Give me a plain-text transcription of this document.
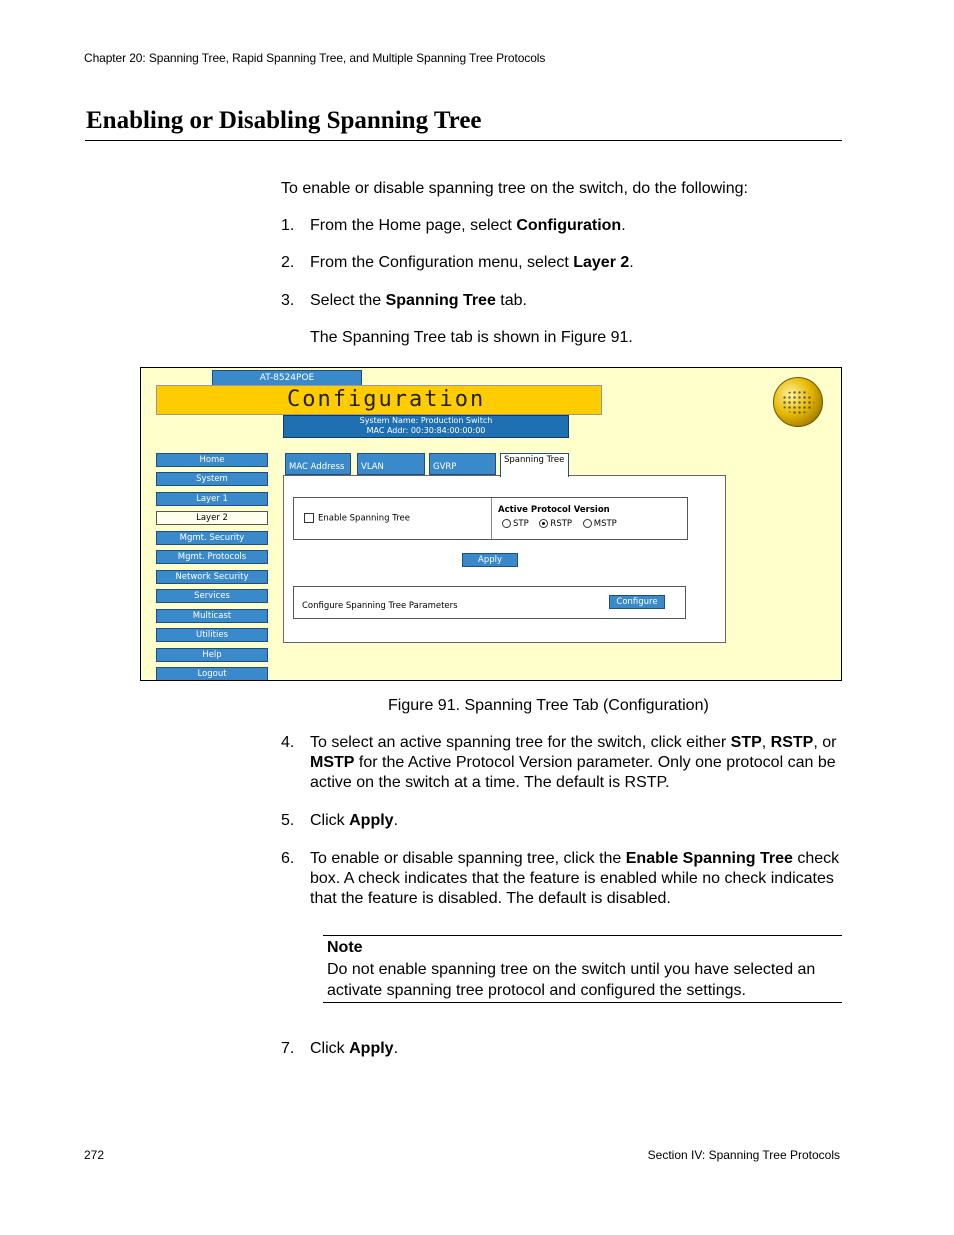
Chapter 20: Spanning Tree, Rapid Spanning Tree, and Multiple Spanning Tree Protocols
Enabling or Disabling Spanning Tree
To enable or disable spanning tree on the switch, do the following:
1. From the Home page, select Configuration.
2. From the Configuration menu, select Layer 2.
3. Select the Spanning Tree tab.
The Spanning Tree tab is shown in Figure 91.
AT-8524POE
Configuration
System Name: Production Switch
MAC Addr: 00:30:84:00:00:00
Home
System
Layer 1
Layer 2
Mgmt. Security
Mgmt. Protocols
Network Security
Services
Multicast
Utilities
Help
Logout
MAC Address	VLAN	GVRP
Spanning Tree
Enable Spanning Tree
Active Protocol Version
STP	RSTP	MSTP
Apply
Configure Spanning Tree Parameters	Configure
Figure 91. Spanning Tree Tab (Configuration)
4. To select an active spanning tree for the switch, click either STP, RSTP, or MSTP for the Active Protocol Version parameter. Only one protocol can be active on the switch at a time. The default is RSTP.
5. Click Apply.
6. To enable or disable spanning tree, click the Enable Spanning Tree check box. A check indicates that the feature is enabled while no check indicates that the feature is disabled. The default is disabled.
Note
Do not enable spanning tree on the switch until you have selected an activate spanning tree protocol and configured the settings.
7. Click Apply.
272	Section IV: Spanning Tree Protocols
